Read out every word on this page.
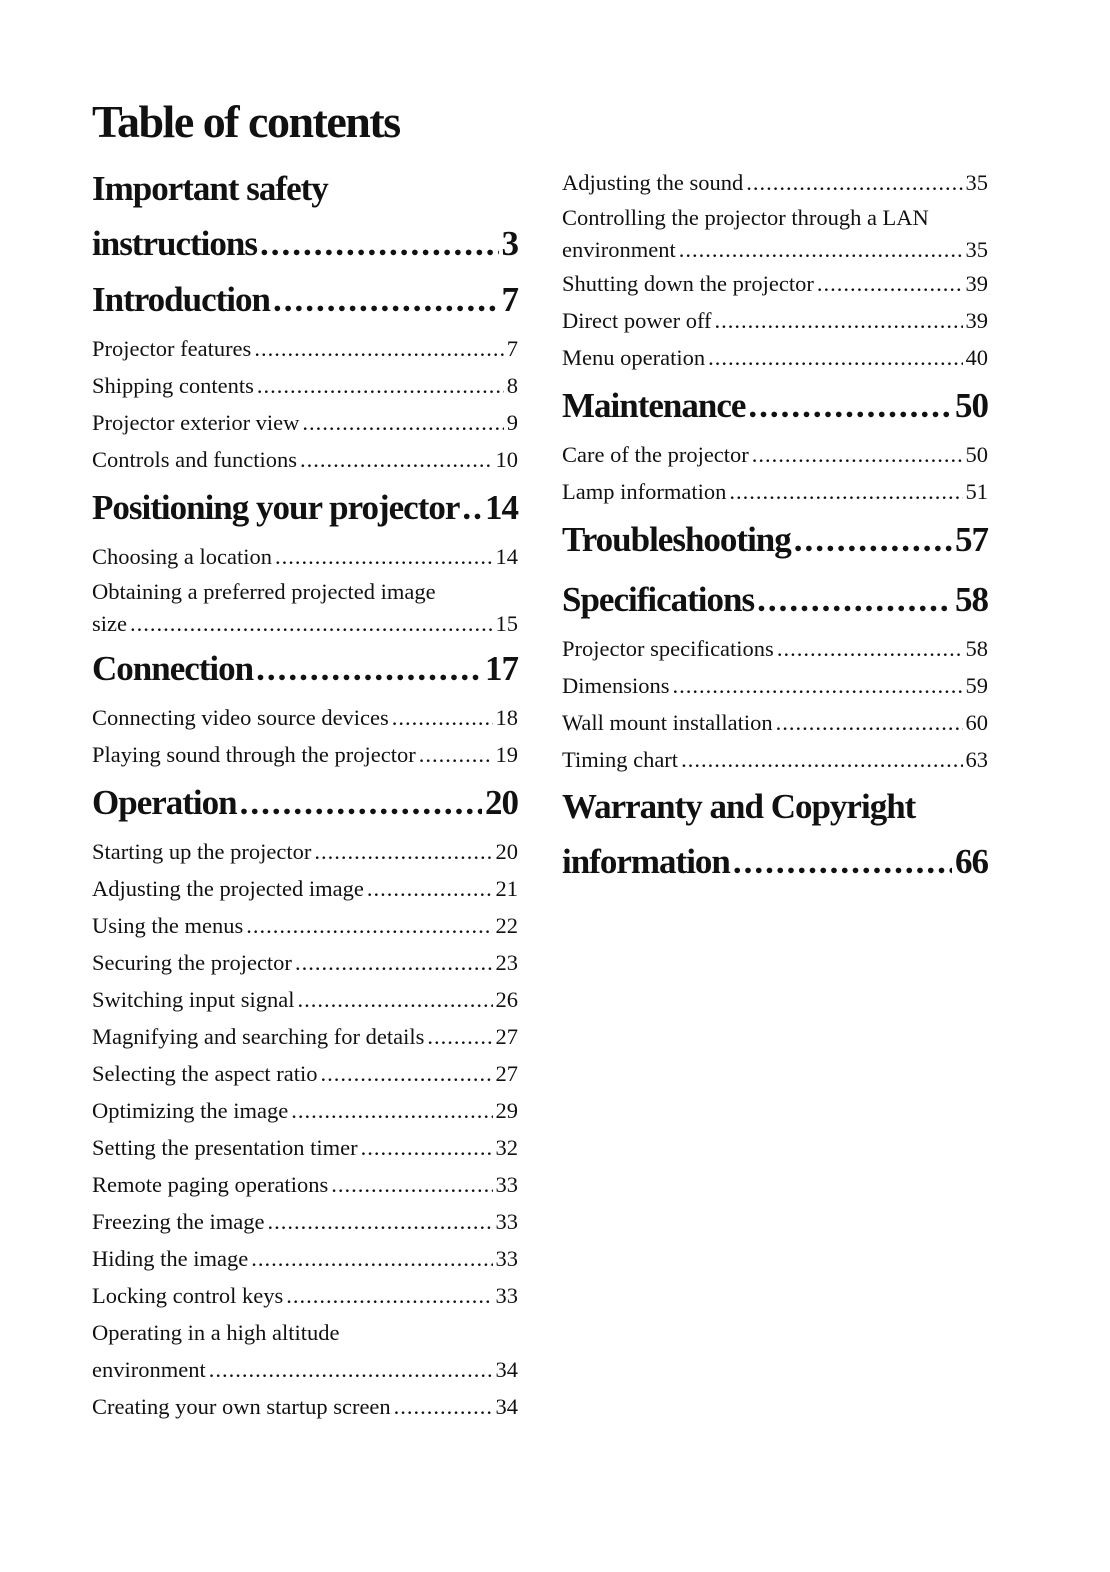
Table of contents
Important safety
instructions .....	3
Introduction .....	7
Projector features .....	7
Shipping contents .....	8
Projector exterior view .....	9
Controls and functions .....	10
Positioning your projector ..... 14
Choosing a location .....	14
Obtaining a preferred projected image
size .....	15
Connection .....	17
Connecting video source devices .....	18
Playing sound through the projector .....	19
Operation .....	20
Starting up the projector .....	20
Adjusting the projected image .....	21
Using the menus .....	22
Securing the projector .....	23
Switching input signal .....	26
Magnifying and searching for details .....	27
Selecting the aspect ratio .....	27
Optimizing the image .....	29
Setting the presentation timer .....	32
Remote paging operations .....	33
Freezing the image .....	33
Hiding the image .....	33
Locking control keys .....	33
Operating in a high altitude
environment .....	34
Creating your own startup screen .....	34
Adjusting the sound .....	35
Controlling the projector through a LAN
environment .....	35
Shutting down the projector .....	39
Direct power off .....	39
Menu operation .....	40
Maintenance .....	50
Care of the projector .....	50
Lamp information .....	51
Troubleshooting .....	57
Specifications .....	58
Projector specifications .....	58
Dimensions .....	59
Wall mount installation .....	60
Timing chart .....	63
Warranty and Copyright
information .....	66
